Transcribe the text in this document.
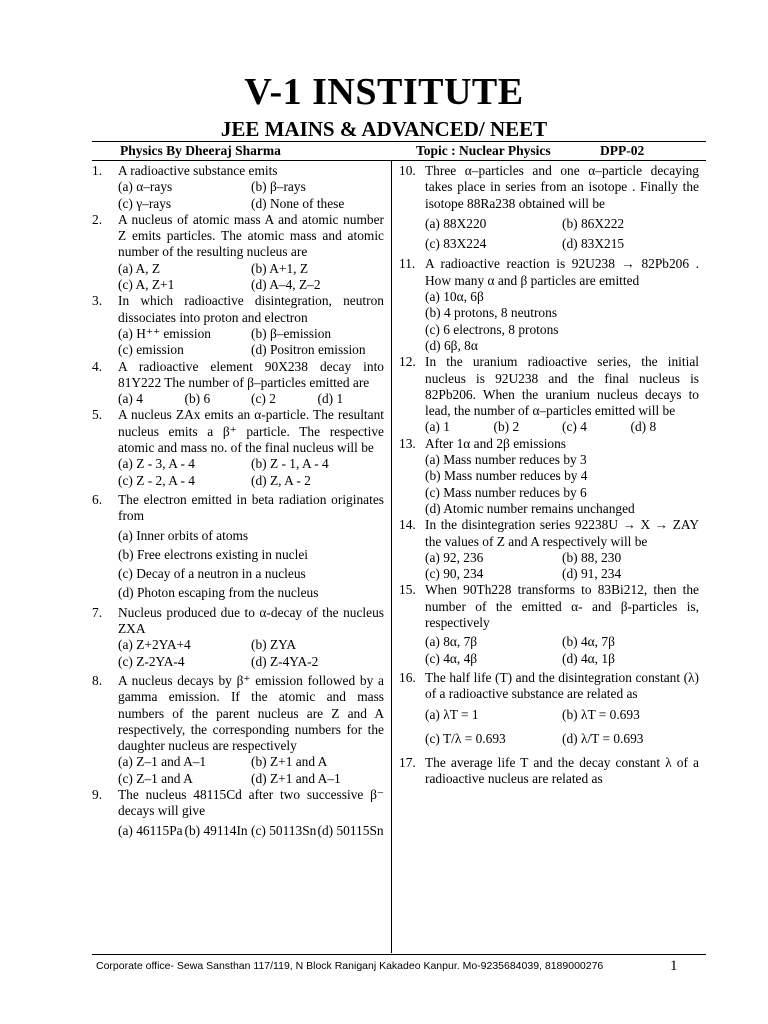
V-1 INSTITUTE
JEE MAINS & ADVANCED/ NEET
Physics By Dheeraj Sharma	Topic : Nuclear Physics	DPP-02
1.	A radioactive substance emits
(a) α–rays	(b) β–rays
(c) γ–rays	(d) None of these
2.	A nucleus of atomic mass A and atomic number Z emits particles. The atomic mass and atomic number of the resulting nucleus are
(a) A, Z	(b) A+1, Z
(c) A, Z+1	(d) A–4, Z–2
3.	In which radioactive disintegration, neutron dissociates into proton and electron
(a) H⁺⁺ emission	(b) β–emission
(c) emission	(d) Positron emission
4.	A radioactive element 90X238 decay into 81Y222 The number of β–particles emitted are
(a) 4	(b) 6	(c) 2	(d) 1
5.	A nucleus ZAx emits an α-particle. The resultant nucleus emits a β⁺ particle. The respective atomic and mass no. of the final nucleus will be
(a) Z - 3, A - 4	(b) Z - 1, A - 4
(c) Z - 2, A - 4	(d) Z, A - 2
6.	The electron emitted in beta radiation originates from
(a) Inner orbits of atoms
(b) Free electrons existing in nuclei
(c) Decay of a neutron in a nucleus
(d) Photon escaping from the nucleus
7.	Nucleus produced due to α-decay of the nucleus ZXA
(a) Z+2YA+4	(b) ZYA
(c) Z-2YA-4	(d) Z-4YA-2
8.	A nucleus decays by β⁺ emission followed by a gamma emission. If the atomic and mass numbers of the parent nucleus are Z and A respectively, the corresponding numbers for the daughter nucleus are respectively
(a) Z–1 and A–1	(b) Z+1 and A
(c) Z–1 and A	(d) Z+1 and A–1
9.	The nucleus 48115Cd after two successive β⁻ decays will give
(a) 46115Pa (b) 49114In (c) 50113Sn (d) 50115Sn
10. Three α–particles and one α–particle decaying takes place in series from an isotope . Finally the isotope 88Ra238 obtained will be
(a) 88X220	(b) 86X222
(c) 83X224	(d) 83X215
11. A radioactive reaction is 92U238 → 82Pb206 . How many α and β particles are emitted
(a) 10α, 6β
(b) 4 protons, 8 neutrons
(c) 6 electrons, 8 protons
(d) 6β, 8α
12. In the uranium radioactive series, the initial nucleus is 92U238 and the final nucleus is 82Pb206. When the uranium nucleus decays to lead, the number of α–particles emitted will be
(a) 1	(b) 2	(c) 4	(d) 8
13. After 1α and 2β emissions
(a) Mass number reduces by 3
(b) Mass number reduces by 4
(c) Mass number reduces by 6
(d) Atomic number remains unchanged
14. In the disintegration series 92238U → X → ZAY the values of Z and A respectively will be
(a) 92, 236	(b) 88, 230
(c) 90, 234	(d) 91, 234
15. When 90Th228 transforms to 83Bi212, then the number of the emitted α- and β-particles is, respectively
(a) 8α, 7β	(b) 4α, 7β
(c) 4α, 4β	(d) 4α, 1β
16. The half life (T) and the disintegration constant (λ) of a radioactive substance are related as
(a) λT = 1	(b) λT = 0.693
(c) T/λ = 0.693	(d) λ/T = 0.693
17. The average life T and the decay constant λ of a radioactive nucleus are related as
Corporate office- Sewa Sansthan 117/119, N Block Raniganj Kakadeo Kanpur. Mo-9235684039, 8189000276	1
